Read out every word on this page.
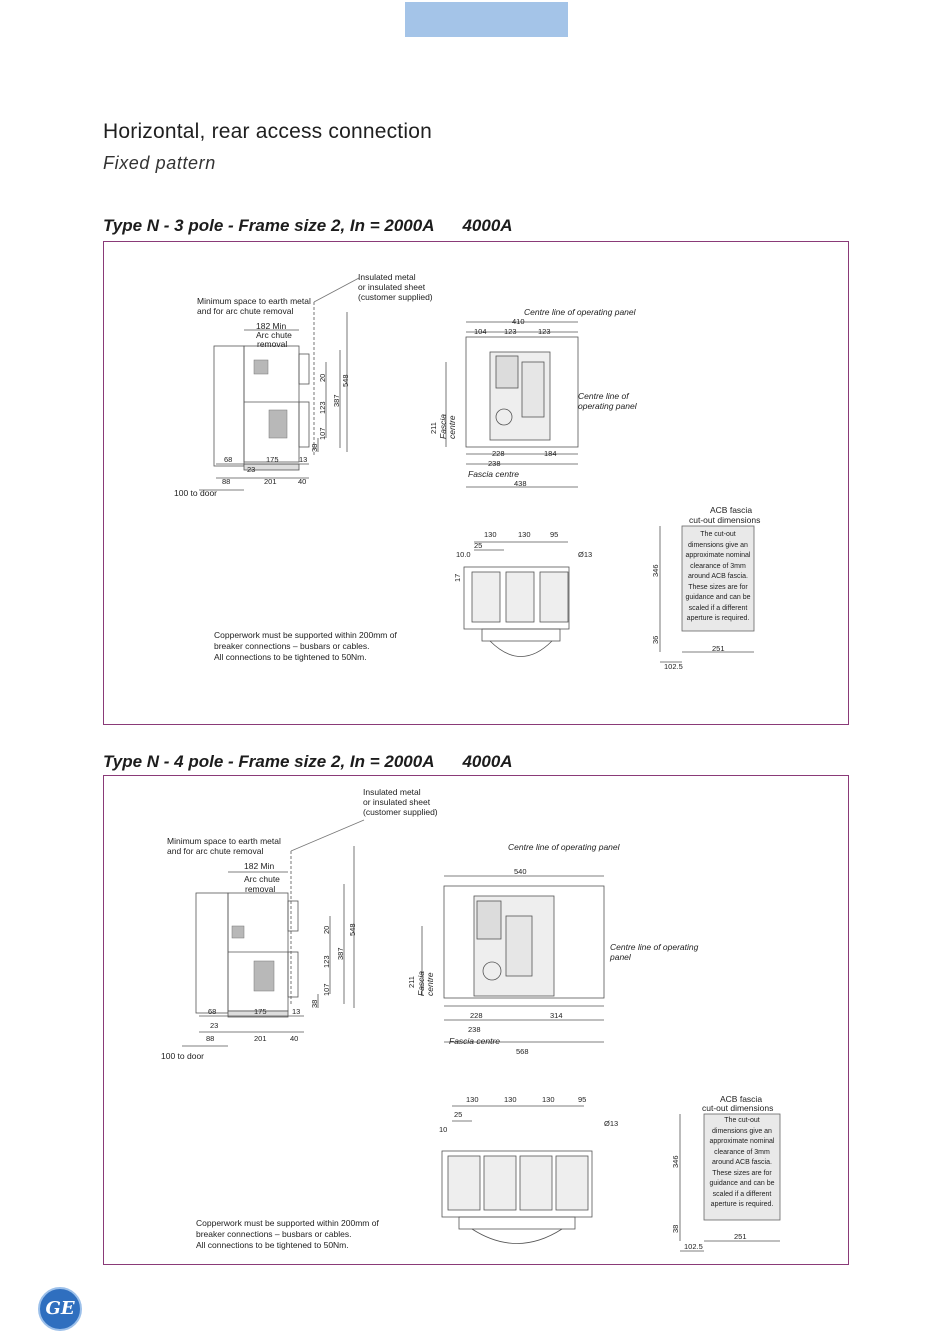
Horizontal, rear access connection
Fixed pattern
Type N - 3 pole - Frame size 2, In = 2000A 4000A
Insulated metal
or insulated sheet
(customer supplied)
Minimum space to earth metal
and for arc chute removal
182 Min
Arc chute
removal
548
387
20
123
107
38
68	175	13
23
88	201	40
100 to door
Centre line of operating panel
410
104 123	123
Centre line of
operating panel
211 Fascia centre
228	184
238
Fascia centre
438
130	130	95
25
10.0
17
Ø13
ACB fascia
cut-out dimensions
346
36
251
102.5
The cut-out
dimensions give an
approximate nominal
clearance of 3mm
around ACB fascia.
These sizes are for
guidance and can be
scaled if a different
aperture is required.
Copperwork must be supported within 200mm of
breaker connections – busbars or cables.
All connections to be tightened to 50Nm.
Type N - 4 pole - Frame size 2, In = 2000A 4000A
Insulated metal
or insulated sheet
(customer supplied)
Minimum space to earth metal
and for arc chute removal
182 Min
Arc chute
removal
548
387
20
123
107
38
68	175	13
23
88	201	40
100 to door
Centre line of operating panel
540
Centre line of operating
panel
211 Fascia centre
228	314
238
Fascia centre
568
130	130	130	95
25
10
Ø13
ACB fascia
cut-out dimensions
346
38
251
102.5
The cut-out
dimensions give an
approximate nominal
clearance of 3mm
around ACB fascia.
These sizes are for
guidance and can be
scaled if a different
aperture is required.
Copperwork must be supported within 200mm of
breaker connections – busbars or cables.
All connections to be tightened to 50Nm.
GE
